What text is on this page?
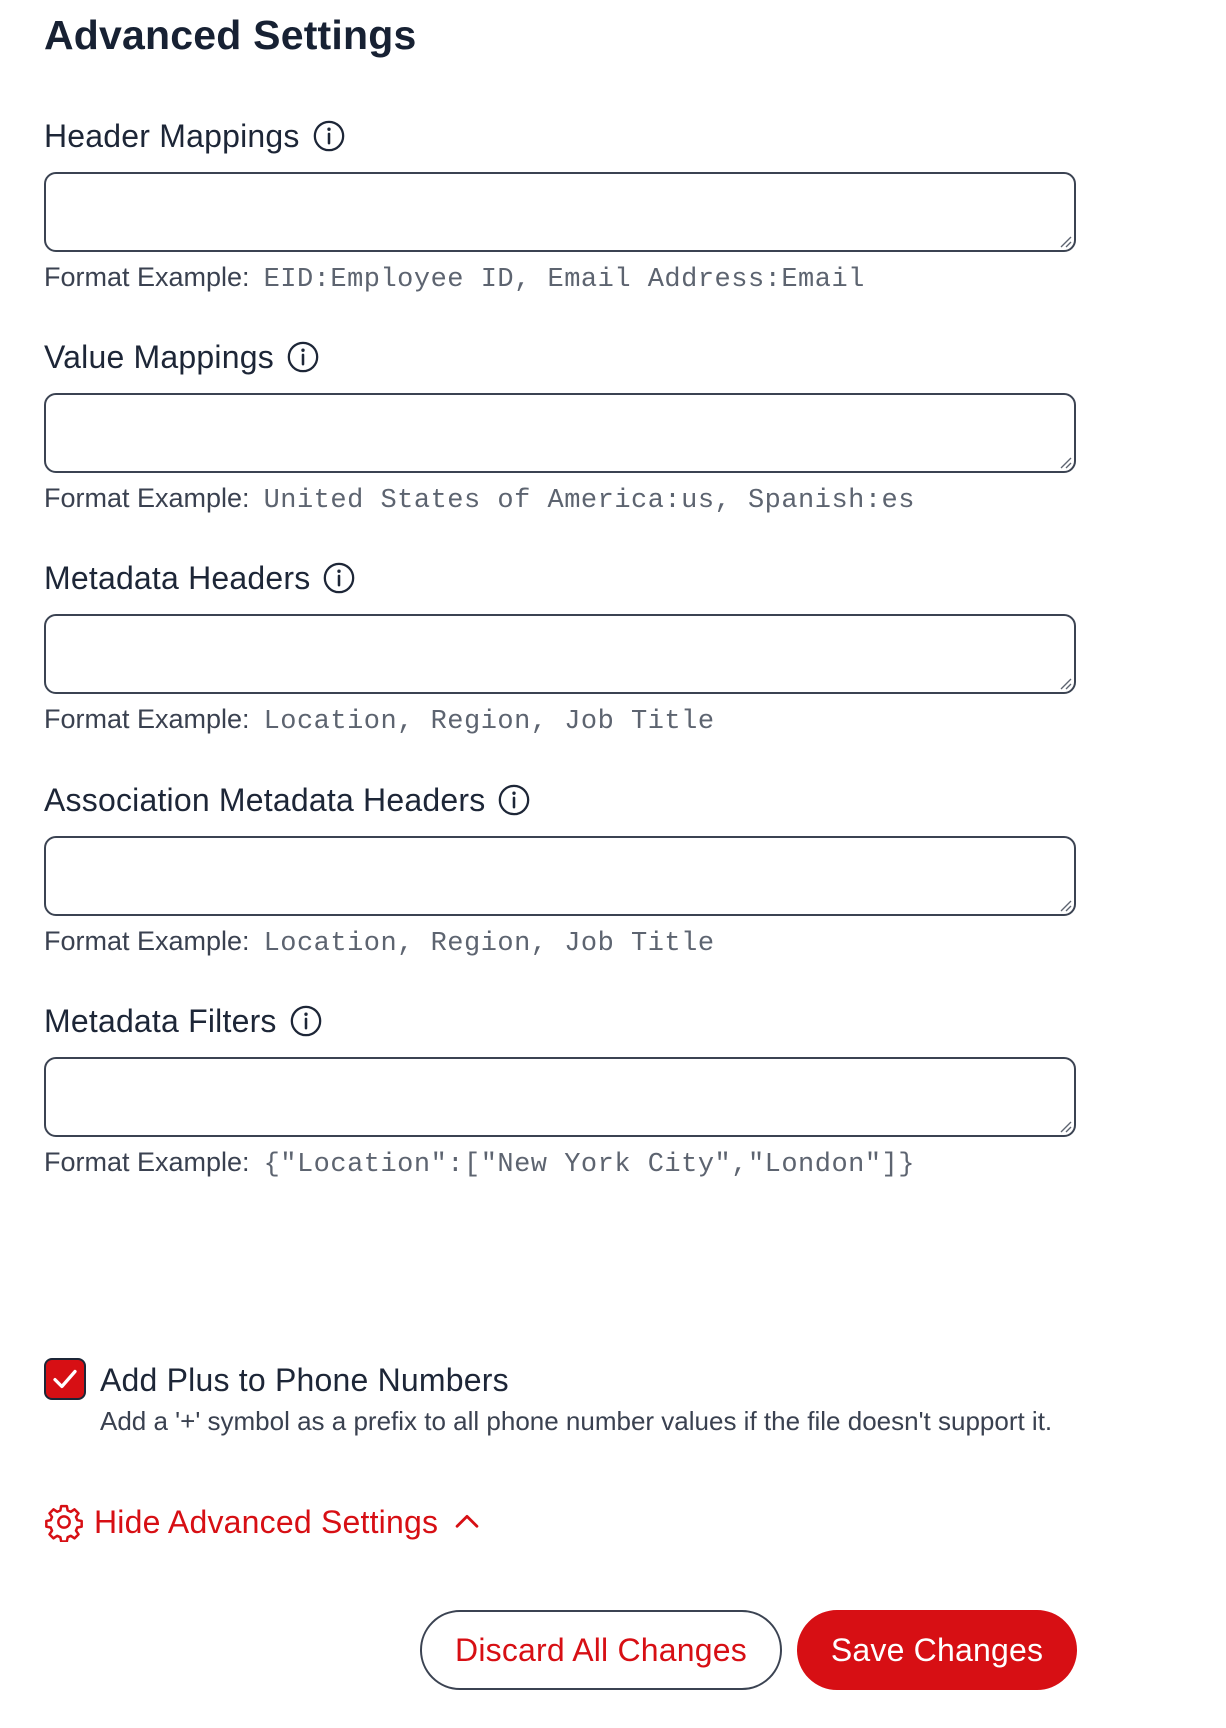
Advanced Settings
Header Mappings
Format Example: EID:Employee ID, Email Address:Email
Value Mappings
Format Example: United States of America:us, Spanish:es
Metadata Headers
Format Example: Location, Region, Job Title
Association Metadata Headers
Format Example: Location, Region, Job Title
Metadata Filters
Format Example: {"Location":["New York City","London"]}
Add Plus to Phone Numbers
Add a '+' symbol as a prefix to all phone number values if the file doesn't support it.
Hide Advanced Settings
Discard All Changes	Save Changes
